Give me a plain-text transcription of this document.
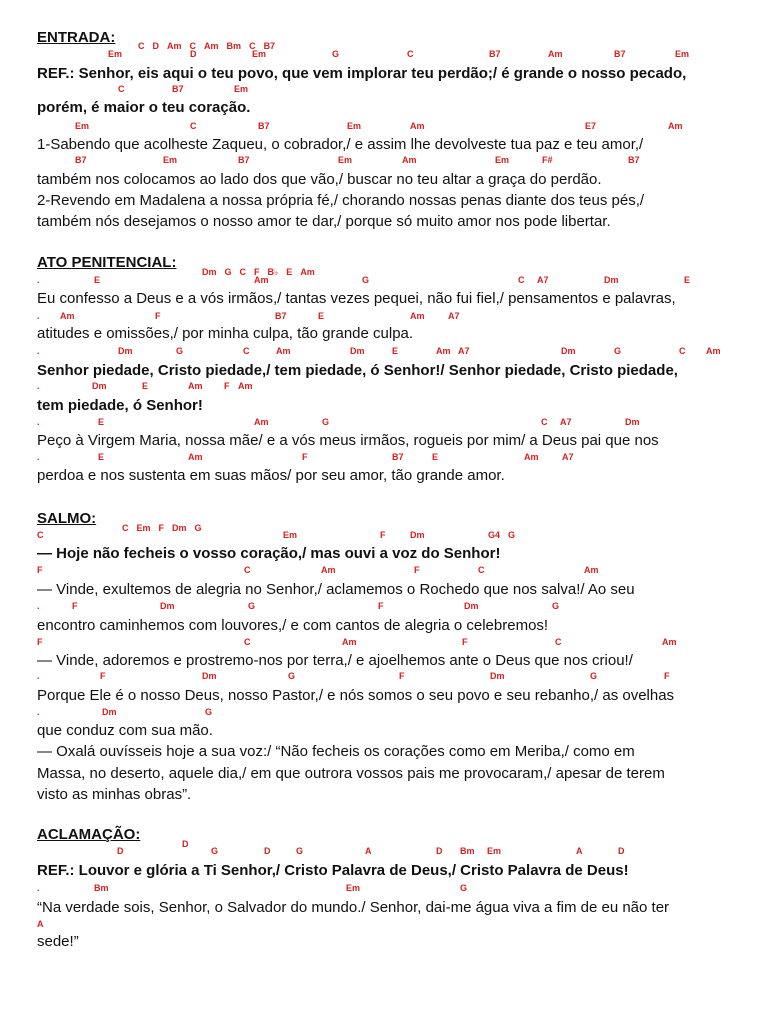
ENTRADA:	C D Am C Am Bm C B7

Em	D	Em	G	C	B7	Am	B7	Em
REF.: Senhor, eis aqui o teu povo, que vem implorar teu perdão;/ é grande o nosso pecado,
C	B7	Em
porém, é maior o teu coração.
Em	C	B7	Em	Am	E7	Am
1-Sabendo que acolheste Zaqueu, o cobrador,/ e assim lhe devolveste tua paz e teu amor,/
B7	Em	B7	Em	Am	Em	F#	B7
também nos colocamos ao lado dos que vão,/ buscar no teu altar a graça do perdão.
2-Revendo em Madalena a nossa própria fé,/ chorando nossas penas diante dos teus pés,/
também nós desejamos o nosso amor te dar,/ porque só muito amor nos pode libertar.
ATO PENITENCIAL:

Dm G C F B♭ E Am

.	E	Am	G	C A7	Dm	E
Eu confesso a Deus e a vós irmãos,/ tantas vezes pequei, não fui fiel,/ pensamentos e palavras,
. Am	F	B7	E	Am	A7
atitudes e omissões,/ por minha culpa, tão grande culpa.
.	Dm	G	C	Am	Dm	E	Am A7	Dm	G	C Am
Senhor piedade, Cristo piedade,/ tem piedade, ó Senhor!/ Senhor piedade, Cristo piedade,
.	Dm	E	Am F Am
tem piedade, ó Senhor!
.	E	Am	G	C A7	Dm
Peço à Virgem Maria, nossa mãe/ e a vós meus irmãos, rogueis por mim/ a Deus pai que nos
.	E	Am	F	B7	E	Am	A7
perdoa e nos sustenta em suas mãos/ por seu amor, tão grande amor.
SALMO:

C Em F Dm G

C	Em	F	Dm	G4 G
— Hoje não fecheis o vosso coração,/ mas ouvi a voz do Senhor!
F	C	Am	F	C	Am
— Vinde, exultemos de alegria no Senhor,/ aclamemos o Rochedo que nos salva!/ Ao seu
.	F	Dm	G	F	Dm	G
encontro caminhemos com louvores,/ e com cantos de alegria o celebremos!
F	C	Am	F	C	Am
— Vinde, adoremos e prostremo-nos por terra,/ e ajoelhemos ante o Deus que nos criou!/
.	F	Dm	G	F	Dm	G	F
Porque Ele é o nosso Deus, nosso Pastor,/ e nós somos o seu povo e seu rebanho,/ as ovelhas
.	Dm	G
que conduz com sua mão.
— Oxalá ouvísseis hoje a sua voz:/ “Não fecheis os corações como em Meriba,/ como em
Massa, no deserto, aquele dia,/ em que outrora vossos pais me provocaram,/ apesar de terem
visto as minhas obras”.
ACLAMAÇÃO:

D

D	G	D	G	A	D Bm Em	A	D
REF.: Louvor e glória a Ti Senhor,/ Cristo Palavra de Deus,/ Cristo Palavra de Deus!
.	Bm	Em	G
“Na verdade sois, Senhor, o Salvador do mundo./ Senhor, dai-me água viva a fim de eu não ter
A
sede!”
